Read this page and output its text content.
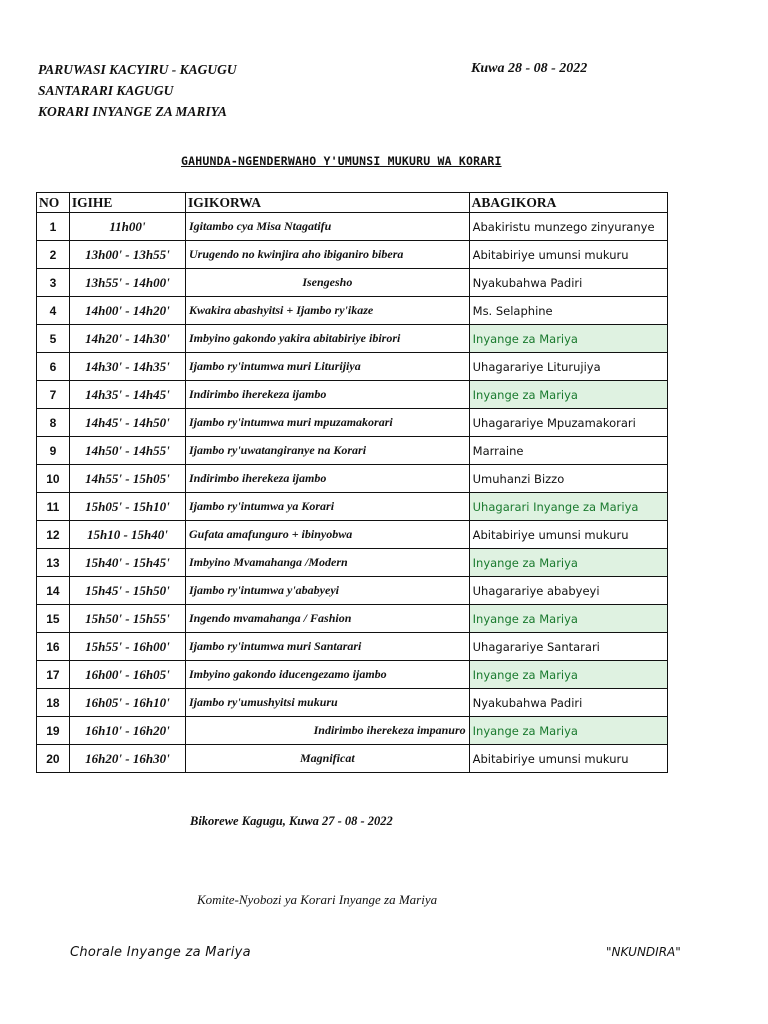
PARUWASI KACYIRU - KAGUGU
SANTARARI KAGUGU
KORARI INYANGE ZA MARIYA
Kuwa 28 - 08 - 2022
GAHUNDA-NGENDERWAHO Y'UMUNSI MUKURU WA KORARI
NO	IGIHE	IGIKORWA	ABAGIKORA
1	11h00'	Igitambo cya Misa Ntagatifu	Abakiristu munzego zinyuranye
2	13h00' - 13h55'	Urugendo no kwinjira aho ibiganiro bibera	Abitabiriye umunsi mukuru
3	13h55' - 14h00'	Isengesho	Nyakubahwa Padiri
4	14h00' - 14h20'	Kwakira abashyitsi + Ijambo ry'ikaze	Ms. Selaphine
5	14h20' - 14h30'	Imbyino gakondo yakira abitabiriye ibirori	Inyange za Mariya
6	14h30' - 14h35'	Ijambo ry'intumwa muri Liturijiya	Uhagarariye Liturujiya
7	14h35' - 14h45'	Indirimbo iherekeza ijambo	Inyange za Mariya
8	14h45' - 14h50'	Ijambo ry'intumwa muri mpuzamakorari	Uhagarariye Mpuzamakorari
9	14h50' - 14h55'	Ijambo ry'uwatangiranye na Korari	Marraine
10	14h55' - 15h05'	Indirimbo iherekeza ijambo	Umuhanzi Bizzo
11	15h05' - 15h10'	Ijambo ry'intumwa ya Korari	Uhagarari Inyange za Mariya
12	15h10 - 15h40'	Gufata amafunguro + ibinyobwa	Abitabiriye umunsi mukuru
13	15h40' - 15h45'	Imbyino Mvamahanga /Modern	Inyange za Mariya
14	15h45' - 15h50'	Ijambo ry'intumwa y'ababyeyi	Uhagarariye ababyeyi
15	15h50' - 15h55'	Ingendo mvamahanga / Fashion	Inyange za Mariya
16	15h55' - 16h00'	Ijambo ry'intumwa muri Santarari	Uhagarariye Santarari
17	16h00' - 16h05'	Imbyino gakondo iducengezamo ijambo	Inyange za Mariya
18	16h05' - 16h10'	Ijambo ry'umushyitsi mukuru	Nyakubahwa Padiri
19	16h10' - 16h20'	Indirimbo iherekeza impanuro	Inyange za Mariya
20	16h20' - 16h30'	Magnificat	Abitabiriye umunsi mukuru
Bikorewe Kagugu, Kuwa 27 - 08 - 2022
Komite-Nyobozi ya Korari Inyange za Mariya
Chorale Inyange za Mariya	"NKUNDIRA"
